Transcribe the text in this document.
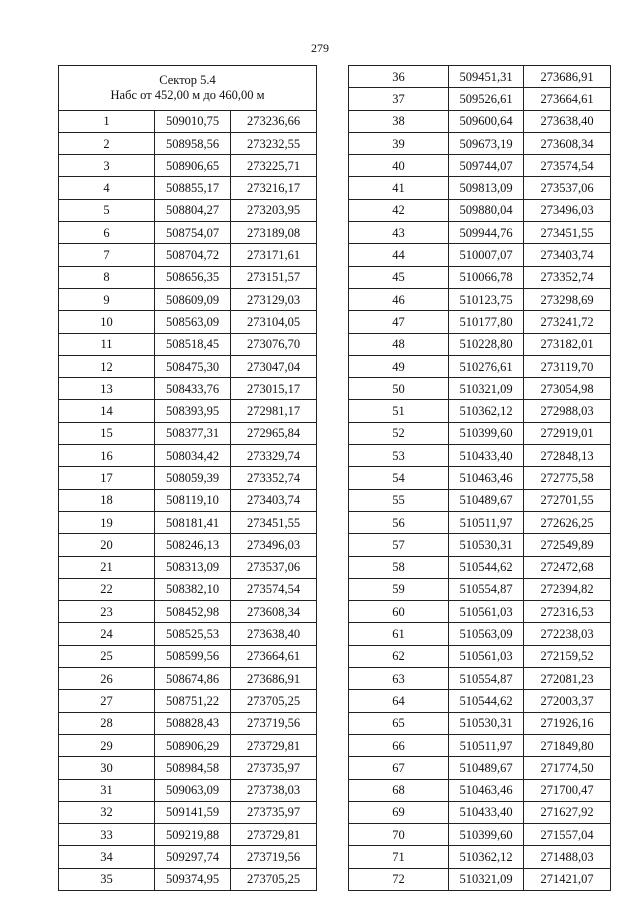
279
Сектор 5.4
Набс от 452,00 м до 460,00 м		

1	509010,75	273236,66
2	508958,56	273232,55
3	508906,65	273225,71
4	508855,17	273216,17
5	508804,27	273203,95
6	508754,07	273189,08
7	508704,72	273171,61
8	508656,35	273151,57
9	508609,09	273129,03
10	508563,09	273104,05
11	508518,45	273076,70
12	508475,30	273047,04
13	508433,76	273015,17
14	508393,95	272981,17
15	508377,31	272965,84
16	508034,42	273329,74
17	508059,39	273352,74
18	508119,10	273403,74
19	508181,41	273451,55
20	508246,13	273496,03
21	508313,09	273537,06
22	508382,10	273574,54
23	508452,98	273608,34
24	508525,53	273638,40
25	508599,56	273664,61
26	508674,86	273686,91
27	508751,22	273705,25
28	508828,43	273719,56
29	508906,29	273729,81
30	508984,58	273735,97
31	509063,09	273738,03
32	509141,59	273735,97
33	509219,88	273729,81
34	509297,74	273719,56
35	509374,95	273705,25
36	509451,31	273686,91
37	509526,61	273664,61
38	509600,64	273638,40
39	509673,19	273608,34
40	509744,07	273574,54
41	509813,09	273537,06
42	509880,04	273496,03
43	509944,76	273451,55
44	510007,07	273403,74
45	510066,78	273352,74
46	510123,75	273298,69
47	510177,80	273241,72
48	510228,80	273182,01
49	510276,61	273119,70
50	510321,09	273054,98
51	510362,12	272988,03
52	510399,60	272919,01
53	510433,40	272848,13
54	510463,46	272775,58
55	510489,67	272701,55
56	510511,97	272626,25
57	510530,31	272549,89
58	510544,62	272472,68
59	510554,87	272394,82
60	510561,03	272316,53
61	510563,09	272238,03
62	510561,03	272159,52
63	510554,87	272081,23
64	510544,62	272003,37
65	510530,31	271926,16
66	510511,97	271849,80
67	510489,67	271774,50
68	510463,46	271700,47
69	510433,40	271627,92
70	510399,60	271557,04
71	510362,12	271488,03
72	510321,09	271421,07
